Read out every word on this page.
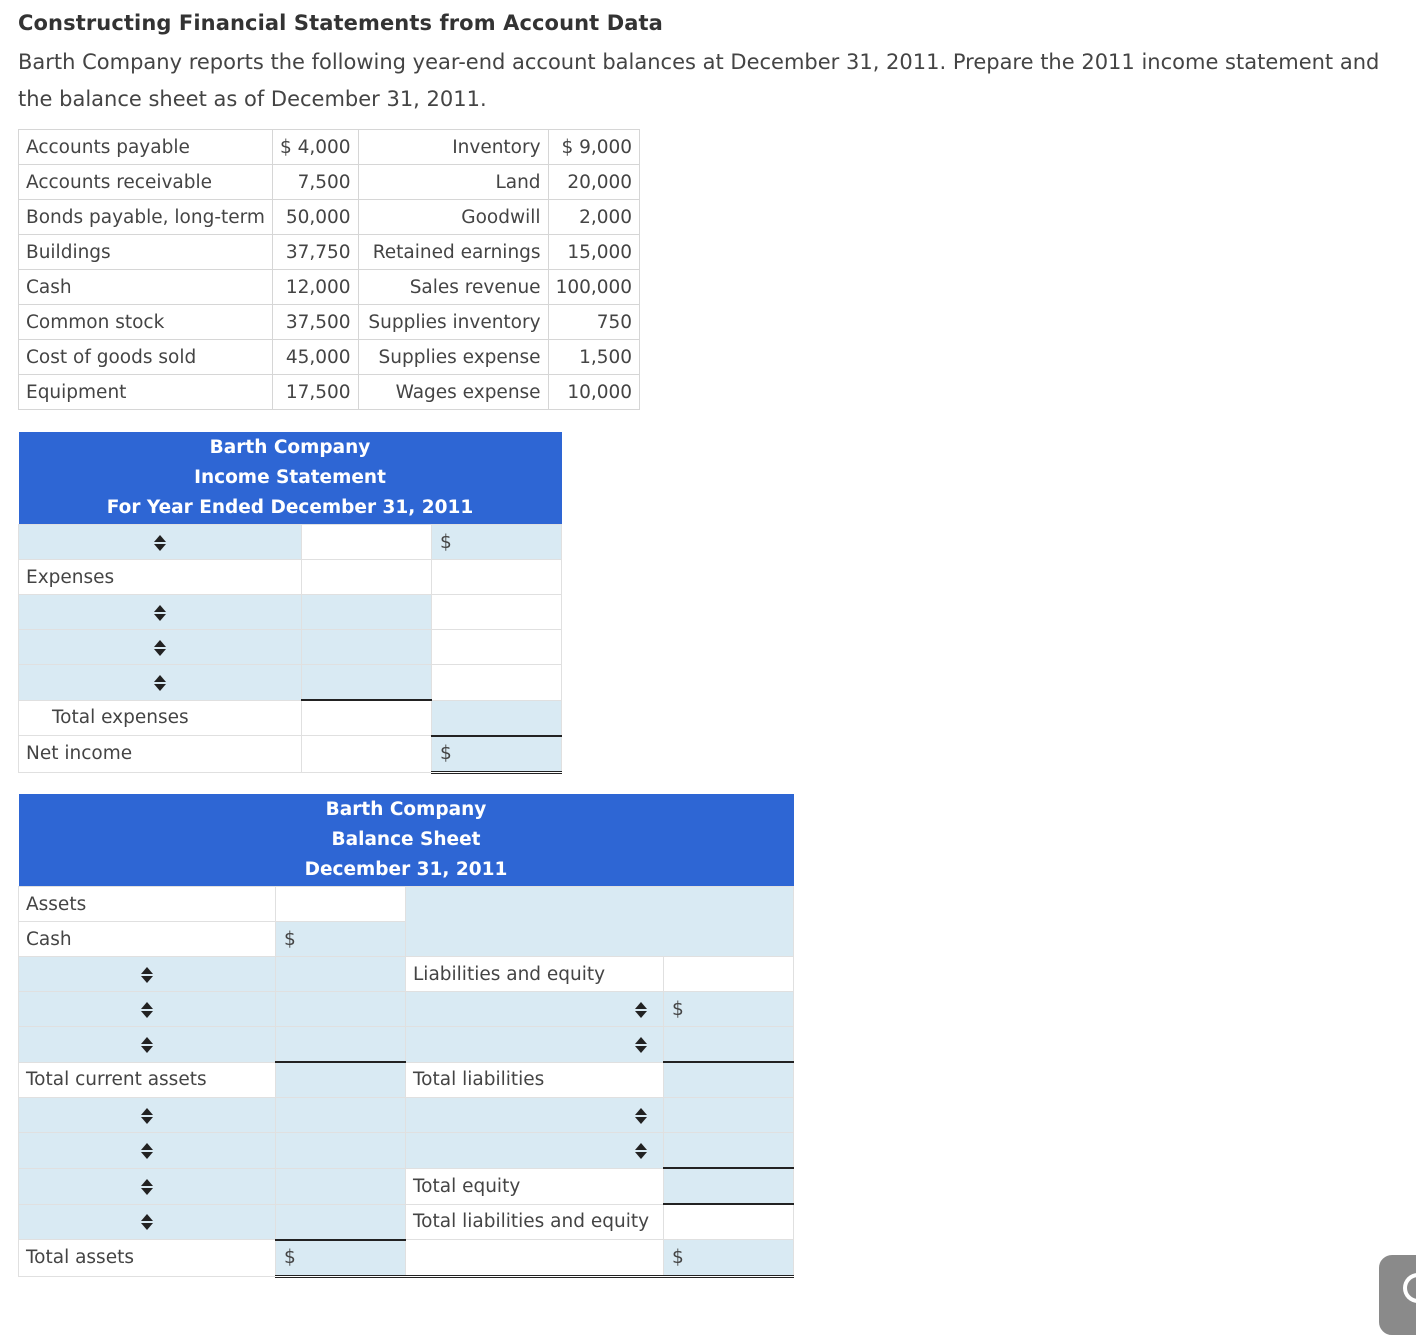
Constructing Financial Statements from Account Data

Barth Company reports the following year-end account balances at December 31, 2011. Prepare the 2011 income statement and the balance sheet as of December 31, 2011.

Accounts payable	$ 4,000	Inventory	$ 9,000
Accounts receivable	7,500	Land	20,000
Bonds payable, long-term	50,000	Goodwill	2,000
Buildings	37,750	Retained earnings	15,000
Cash	12,000	Sales revenue	100,000
Common stock	37,500	Supplies inventory	750
Cost of goods sold	45,000	Supplies expense	1,500
Equipment	17,500	Wages expense	10,000
Barth Company
Income Statement
For Year Ended December 31, 2011		

		$
Expenses		

Total expenses		
Net income		$
Barth Company
Balance Sheet
December 31, 2011			

Assets			
Cash	$		
		Liabilities and equity	
			$

Total current assets		Total liabilities	

		Total equity	
		Total liabilities and equity	
Total assets	$		$
